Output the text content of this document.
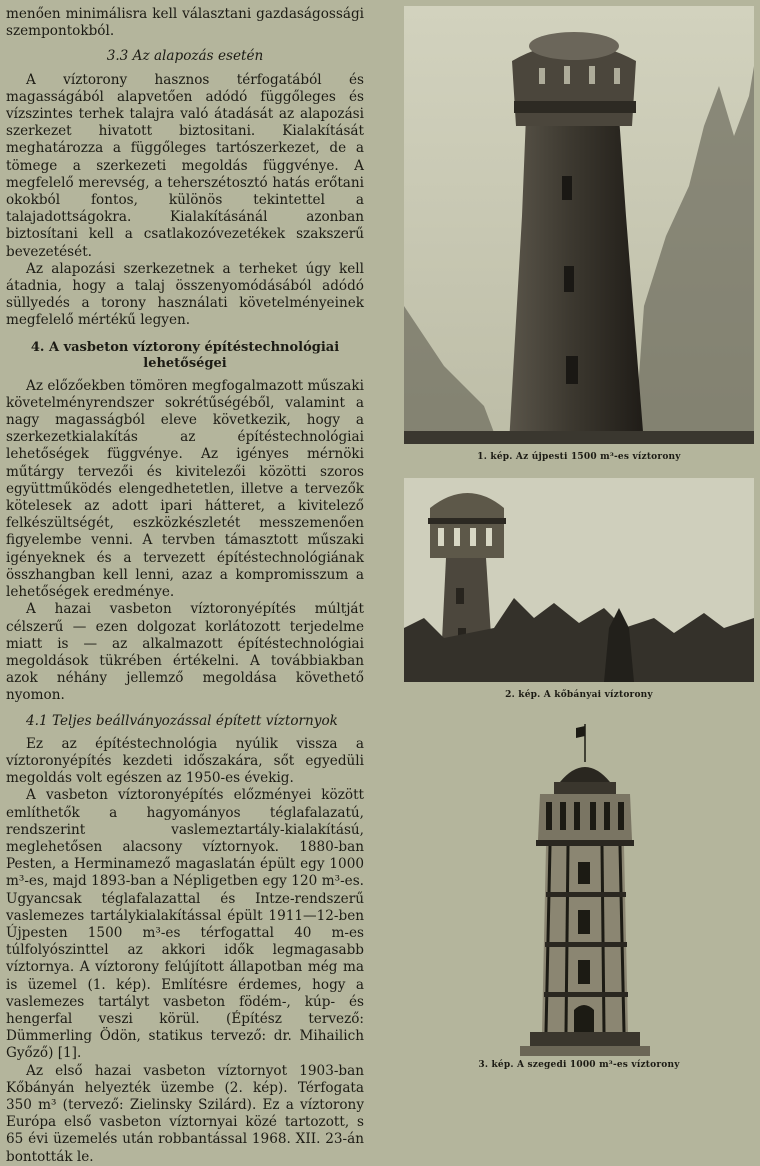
menően minimálisra kell választani gazdaságossági szempontokból.

3.3 Az alapozás esetén

A víztorony hasznos térfogatából és magasságából alapvetően adódó függőleges és vízszintes terhek talajra való átadását az alapozási szerkezet hivatott biztositani. Kialakítását meghatározza a függőleges tartószerkezet, de a tömege a szerkezeti megoldás függvénye. A megfelelő merevség, a teherszétosztó hatás erőtani okokból fontos, különös tekintettel a talajadottságokra. Kialakításánál azonban biztosítani kell a csatlakozóvezetékek szakszerű bevezetését.

Az alapozási szerkezetnek a terheket úgy kell átadnia, hogy a talaj összenyomódásából adódó süllyedés a torony használati követelményeinek megfelelő mértékű legyen.

4. A vasbeton víztorony építéstechnológiai
lehetőségei

Az előzőekben tömören megfogalmazott műszaki követelményrendszer sokrétűségéből, valamint a nagy magasságból eleve következik, hogy a szerkezetkialakítás az építéstechnológiai lehetőségek függvénye. Az igényes mérnöki műtárgy tervezői és kivitelezői közötti szoros együttműködés elengedhetetlen, illetve a tervezők kötelesek az adott ipari hátteret, a kivitelező felkészültségét, eszközkészletét messzemenően figyelembe venni. A tervben támasztott műszaki igényeknek és a tervezett építéstechnológiának összhangban kell lenni, azaz a kompromisszum a lehetőségek eredménye.

A hazai vasbeton víztoronyépítés múltját célszerű — ezen dolgozat korlátozott terjedelme miatt is — az alkalmazott építéstechnológiai megoldások tükrében értékelni. A továbbiakban azok néhány jellemző megoldása követhető nyomon.

4.1 Teljes beállványozással épített víztornyok

Ez az építéstechnológia nyúlik vissza a víztoronyépítés kezdeti időszakára, sőt egyedüli megoldás volt egészen az 1950-es évekig.

A vasbeton víztoronyépítés előzményei között említhetők a hagyományos téglafalazatú, rendszerint vaslemeztartály-kialakítású, meglehetősen alacsony víztornyok. 1880-ban Pesten, a Herminamező magaslatán épült egy 1000 m³-es, majd 1893-ban a Népligetben egy 120 m³-es. Ugyancsak téglafalazattal és Intze-rendszerű vaslemezes tartálykialakítással épült 1911—12-ben Újpesten 1500 m³-es térfogattal 40 m-es túlfolyószinttel az akkori idők legmagasabb víztornya. A víztorony felújított állapotban még ma is üzemel (1. kép). Említésre érdemes, hogy a vaslemezes tartályt vasbeton födém-, kúp- és hengerfal veszi körül. (Építész tervező: Dümmerling Ödön, statikus tervező: dr. Mihailich Győző) [1].

Az első hazai vasbeton víztornyot 1903-ban Kőbányán helyezték üzembe (2. kép). Térfogata 350 m³ (tervező: Zielinsky Szilárd). Ez a víztorony Európa első vasbeton víztornyai közé tartozott, s 65 évi üzemelés után robbantással 1968. XII. 23-án bontották le.

1. kép. Az újpesti 1500 m³-es víztorony
2. kép. A kőbányai víztorony
3. kép. A szegedi 1000 m³-es víztorony
